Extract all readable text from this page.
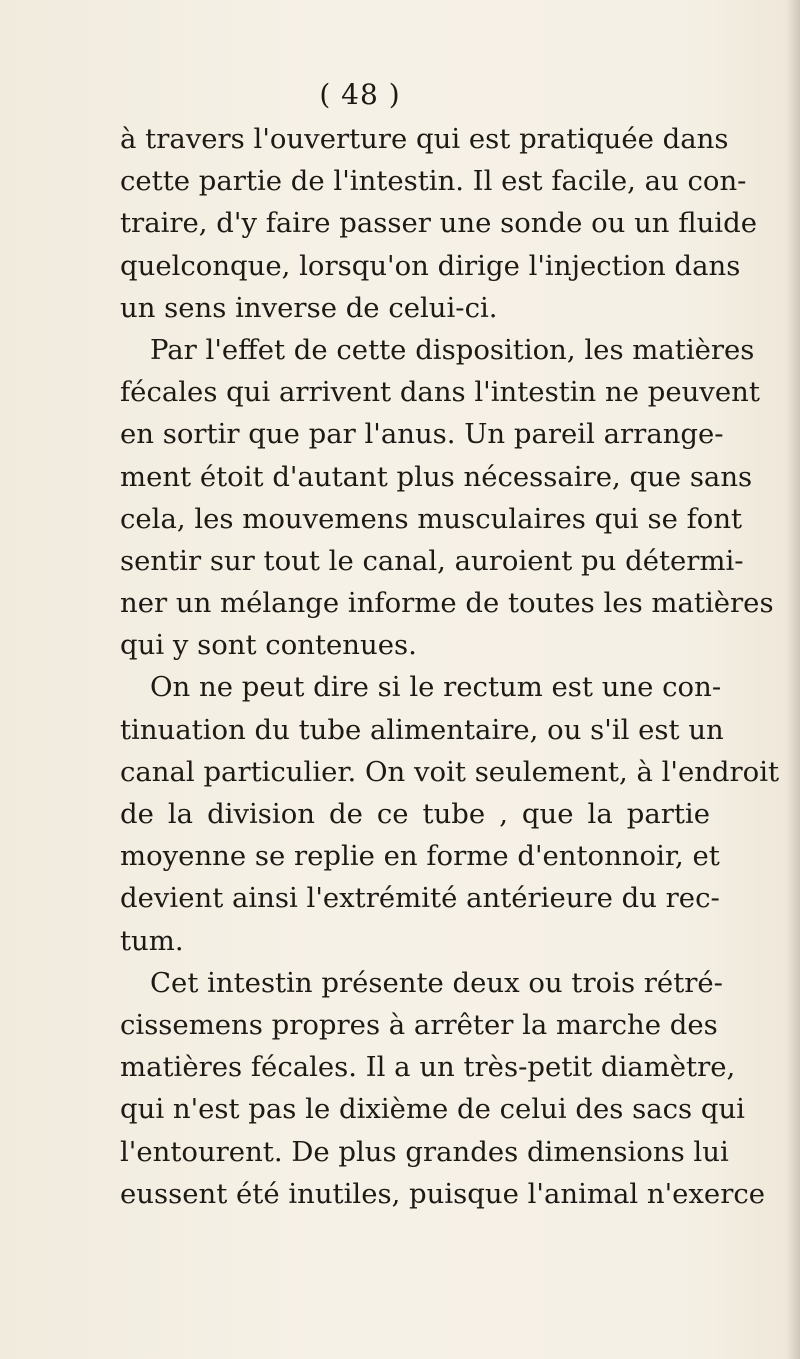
( 48 )
à travers l'ouverture qui est pratiquée dans
cette partie de l'intestin. Il est facile, au con-
traire, d'y faire passer une sonde ou un fluide
quelconque, lorsqu'on dirige l'injection dans
un sens inverse de celui-ci.
Par l'effet de cette disposition, les matières
fécales qui arrivent dans l'intestin ne peuvent
en sortir que par l'anus. Un pareil arrange-
ment étoit d'autant plus nécessaire, que sans
cela, les mouvemens musculaires qui se font
sentir sur tout le canal, auroient pu détermi-
ner un mélange informe de toutes les matières
qui y sont contenues.
On ne peut dire si le rectum est une con-
tinuation du tube alimentaire, ou s'il est un
canal particulier. On voit seulement, à l'endroit
de la division de ce tube , que la partie
moyenne se replie en forme d'entonnoir, et
devient ainsi l'extrémité antérieure du rec-
tum.
Cet intestin présente deux ou trois rétré-
cissemens propres à arrêter la marche des
matières fécales. Il a un très-petit diamètre,
qui n'est pas le dixième de celui des sacs qui
l'entourent. De plus grandes dimensions lui
eussent été inutiles, puisque l'animal n'exerce
